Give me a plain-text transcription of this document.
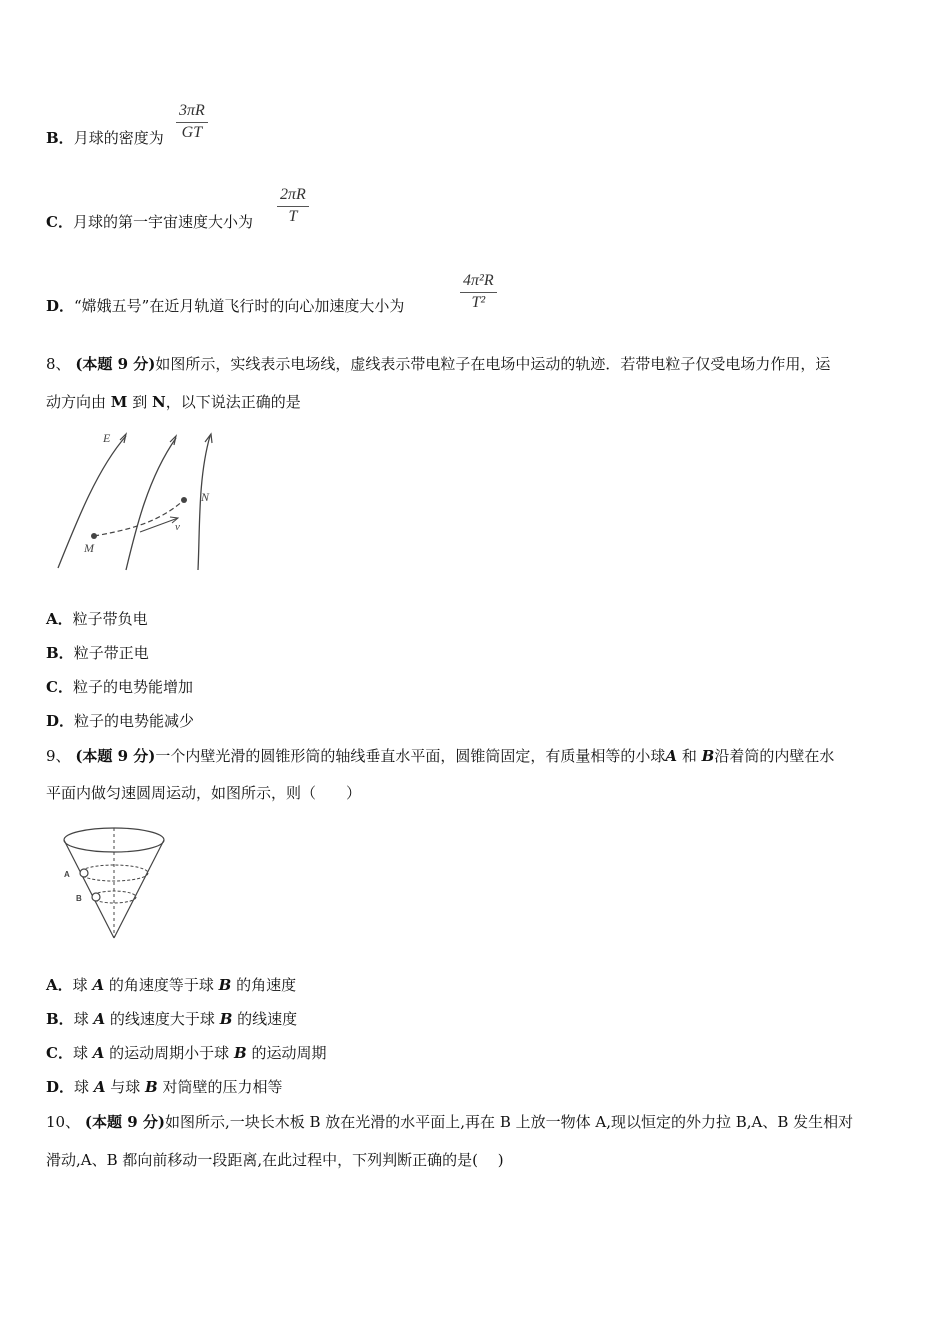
B．月球的密度为 $\frac{3\pi R}{GT}$
C．月球的第一宇宙速度大小为 $\frac{2\pi R}{T}$
D．“嫦娥五号”在近月轨道飞行时的向心加速度大小为	$\frac{\text{4π²R}}{\text{T²}}$
8、 (本题 9 分)如图所示，实线表示电场线，虚线表示带电粒子在电场中运动的轨迹．若带电粒子仅受电场力作用，运
动方向由 M 到 N，以下说法正确的是
E
N
M
v
A．粒子带负电
B．粒子带正电
C．粒子的电势能增加
D．粒子的电势能减少
9、 (本题 9 分)一个内壁光滑的圆锥形筒的轴线垂直水平面，圆锥筒固定，有质量相等的小球A 和 B沿着筒的内壁在水
平面内做匀速圆周运动，如图所示，则（　　）
A
B
A．球 A 的角速度等于球 B 的角速度
B．球 A 的线速度大于球 B 的线速度
C．球 A 的运动周期小于球 B 的运动周期
D．球 A 与球 B 对筒壁的压力相等
10、 (本题 9 分)如图所示,一块长木板 B 放在光滑的水平面上,再在 B 上放一物体 A,现以恒定的外力拉 B,A、B 发生相对
滑动,A、B 都向前移动一段距离,在此过程中，下列判断正确的是(　 )
